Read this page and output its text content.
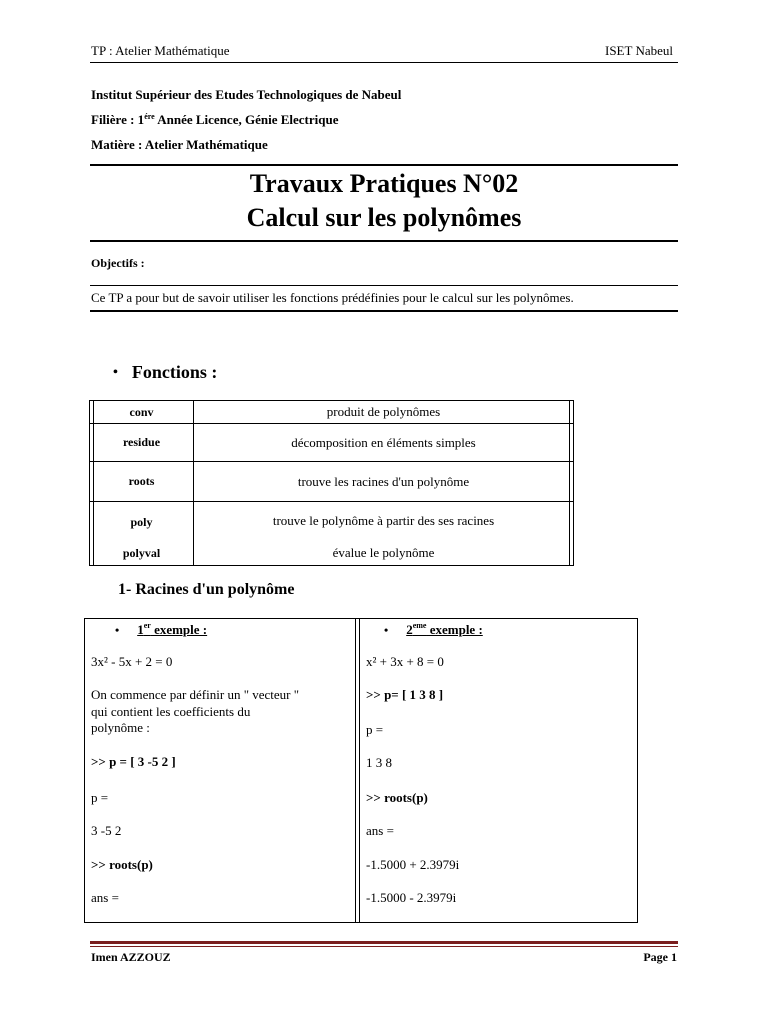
TP : Atelier Mathématique	ISET Nabeul
Institut Supérieur des Etudes Technologiques de Nabeul
Filière : $1^{ére}$ Année Licence, Génie Electrique
Matière : Atelier Mathématique
Travaux Pratiques N°02
Calcul sur les polynômes
Objectifs :
Ce TP a pour but de savoir utiliser les fonctions prédéfinies pour le calcul sur les polynômes.
• Fonctions :
conv	produit de polynômes
residue	décomposition en éléments simples
roots	trouve les racines d'un polynôme
poly	trouve le polynôme à partir des ses racines
polyval	évalue le polynôme
1- Racines d'un polynôme
• 1er exemple :
3x² - 5x + 2 = 0
On commence par définir un " vecteur "
qui contient les coefficients du
polynôme :
>> p = [ 3 -5 2 ]
p =
3 -5 2
>> roots(p)
ans =
• 2eme exemple :
x² + 3x + 8 = 0
>> p= [ 1 3 8 ]
p =
1 3 8
>> roots(p)
ans =
-1.5000 + 2.3979i
-1.5000 - 2.3979i
Imen AZZOUZ	Page 1
